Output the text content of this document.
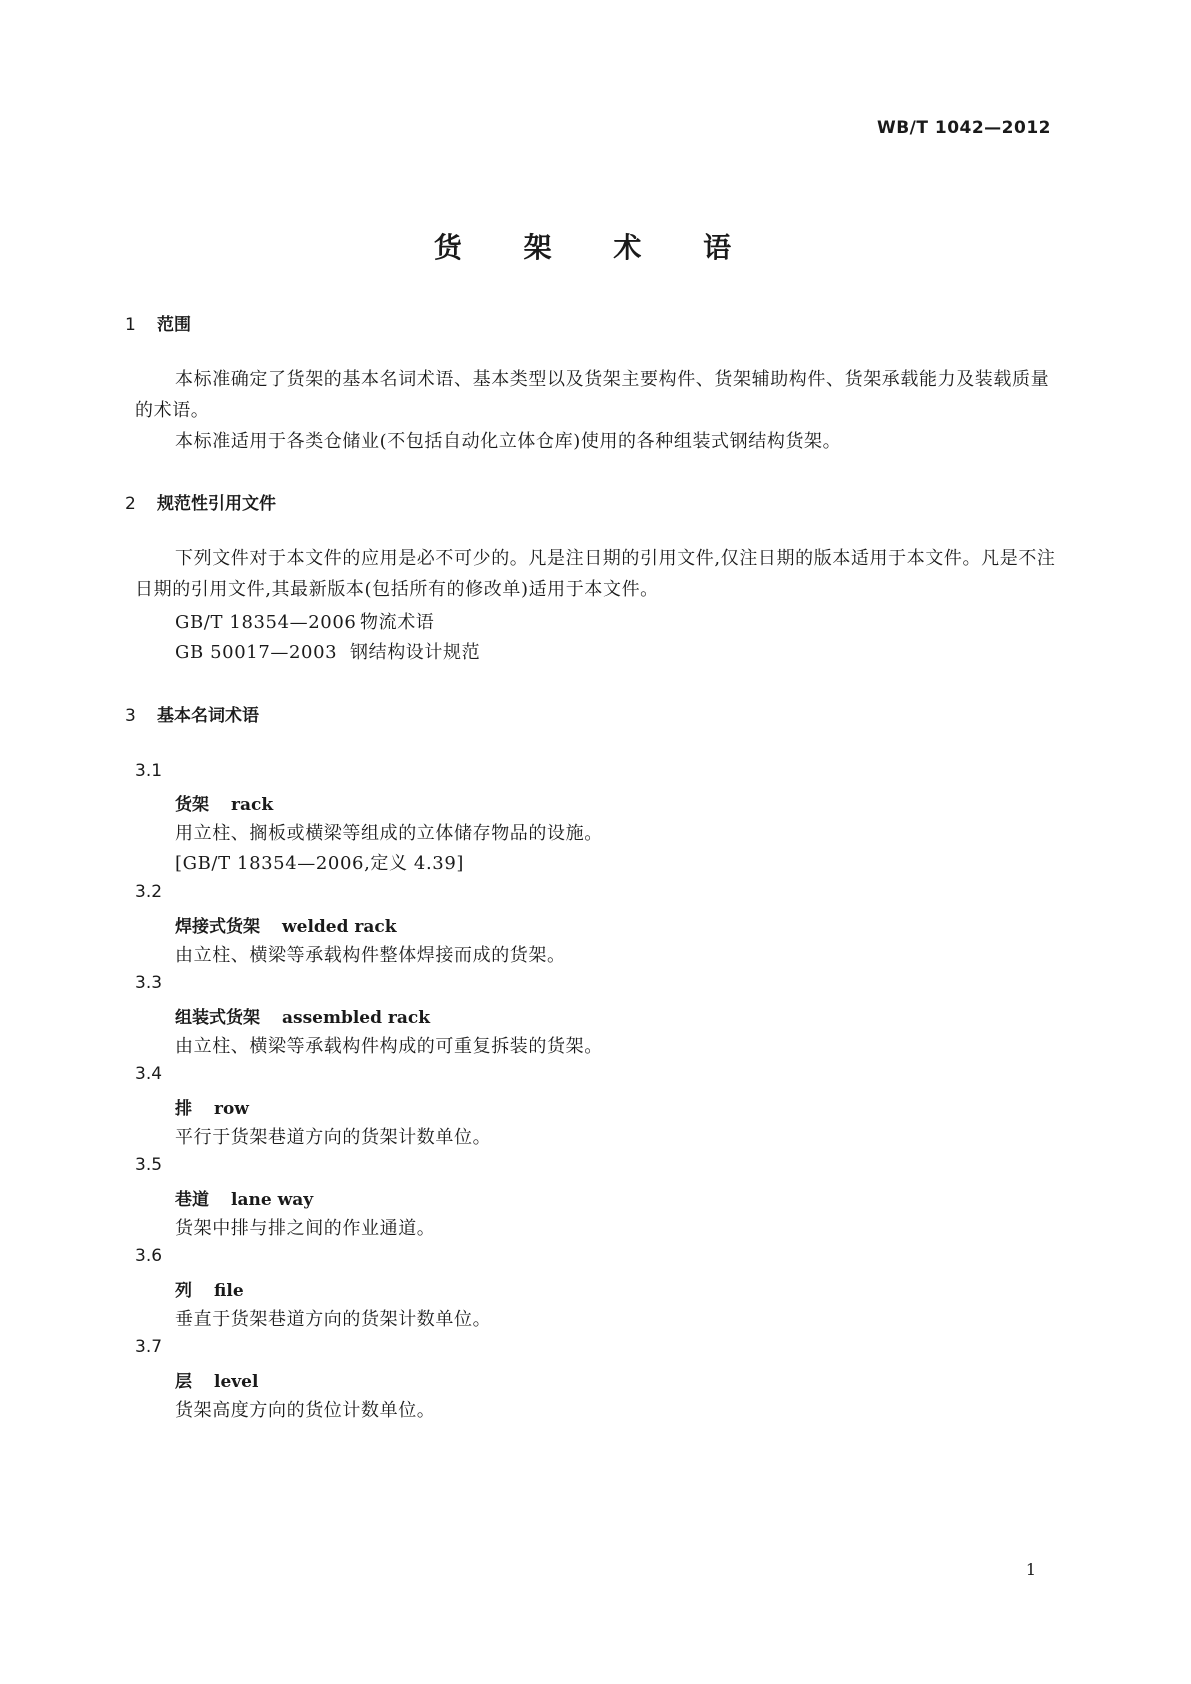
WB/T 1042—2012
货 架 术 语
1 范围
本标准确定了货架的基本名词术语、基本类型以及货架主要构件、货架辅助构件、货架承载能力及装载质量的术语。
本标准适用于各类仓储业(不包括自动化立体仓库)使用的各种组装式钢结构货架。
2 规范性引用文件
下列文件对于本文件的应用是必不可少的。凡是注日期的引用文件,仅注日期的版本适用于本文件。凡是不注日期的引用文件,其最新版本(包括所有的修改单)适用于本文件。
GB/T 18354—2006 物流术语
GB 50017—2003 钢结构设计规范
3 基本名词术语
3.1
货架 rack
用立柱、搁板或横梁等组成的立体储存物品的设施。
[GB/T 18354—2006,定义 4.39]
3.2
焊接式货架 welded rack
由立柱、横梁等承载构件整体焊接而成的货架。
3.3
组装式货架 assembled rack
由立柱、横梁等承载构件构成的可重复拆装的货架。
3.4
排 row
平行于货架巷道方向的货架计数单位。
3.5
巷道 lane way
货架中排与排之间的作业通道。
3.6
列 file
垂直于货架巷道方向的货架计数单位。
3.7
层 level
货架高度方向的货位计数单位。
1
